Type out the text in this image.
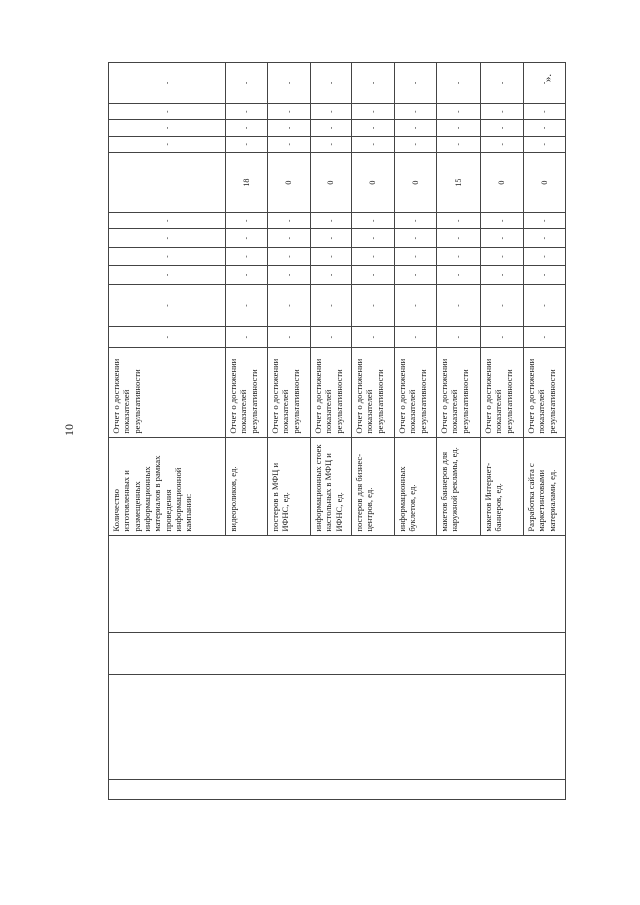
10
				Количество изготовленных и размещенных информационных материалов в рамках проведения информационной кампании:	Отчет о достижении показателей результативности	-	-	-	-	-	-		-	-	-	-
				видеороликов, ед.	Отчет о достижении показателей результативности	-	-	-	-	-	-	18	-	-	-	-
				постеров в МФЦ и ИФНС, ед.	Отчет о достижении показателей результативности	-	-	-	-	-	-	0	-	-	-	-
				информационных стоек настольных в МФЦ и ИФНС, ед.	Отчет о достижении показателей результативности	-	-	-	-	-	-	0	-	-	-	-
				постеров для бизнес-центров, ед.	Отчет о достижении показателей результативности	-	-	-	-	-	-	0	-	-	-	-
				информационных буклетов, ед.	Отчет о достижении показателей результативности	-	-	-	-	-	-	0	-	-	-	-
				макетов баннеров для наружной рекламы, ед.	Отчет о достижении показателей результативности	-	-	-	-	-	-	15	-	-	-	-
				макетов Интернет-баннеров, ед.	Отчет о достижении показателей результативности	-	-	-	-	-	-	0	-	-	-	-
				Разработка сайта с маркетинговыми материалами, ед.	Отчет о достижении показателей результативности	-	-	-	-	-	-	0	-	-	-	-
».
